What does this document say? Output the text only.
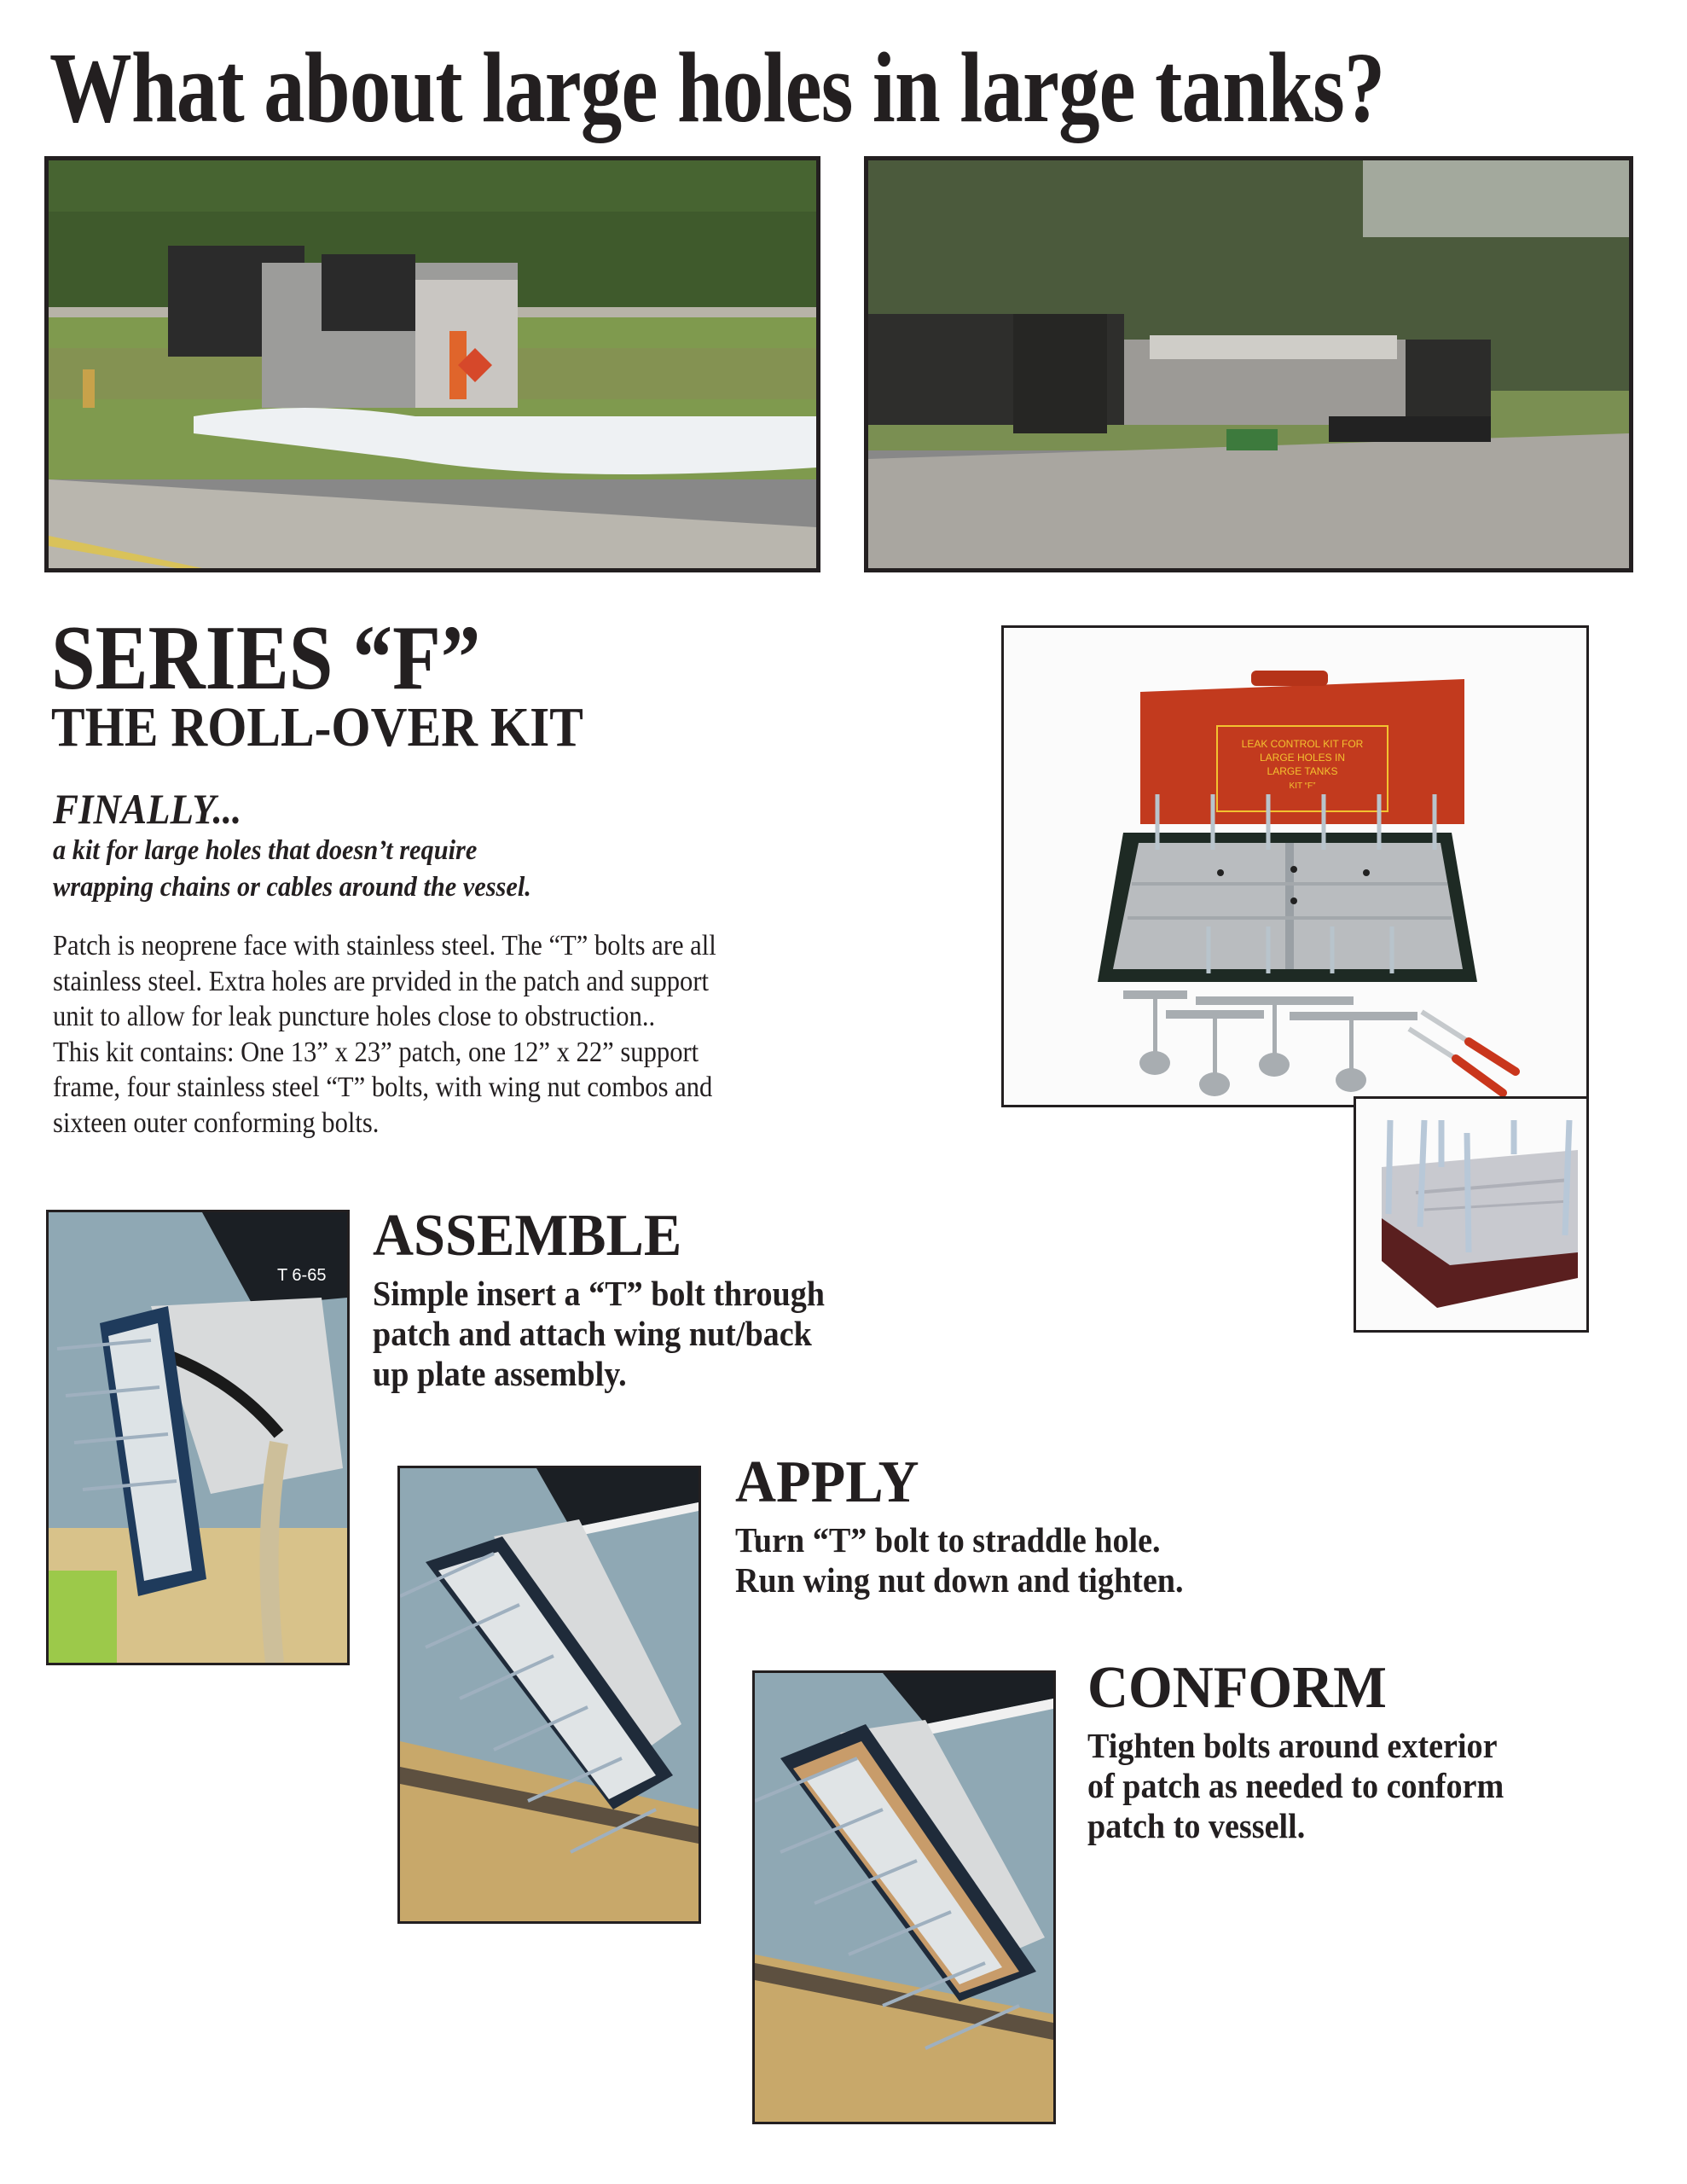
What about large holes in large tanks?
SERIES “F”
THE ROLL-OVER KIT
FINALLY...
a kit for large holes that doesn’t require
wrapping chains or cables around the vessel.
Patch is neoprene face with stainless steel. The “T” bolts are all
stainless steel. Extra holes are prvided in the patch and support
unit to allow for leak puncture holes close to obstruction..
This kit contains: One 13” x 23” patch, one 12” x 22” support
frame, four stainless steel “T” bolts, with wing nut combos and
sixteen outer conforming bolts.
LEAK CONTROL KIT FOR
LARGE HOLES IN
LARGE TANKS
KIT “F”
T 6-65
ASSEMBLE
Simple insert a “T” bolt through
patch and attach wing nut/back
up plate assembly.
APPLY
Turn “T” bolt to straddle hole.
Run wing nut down and tighten.
CONFORM
Tighten bolts around exterior
of patch as needed to conform
patch to vessell.
